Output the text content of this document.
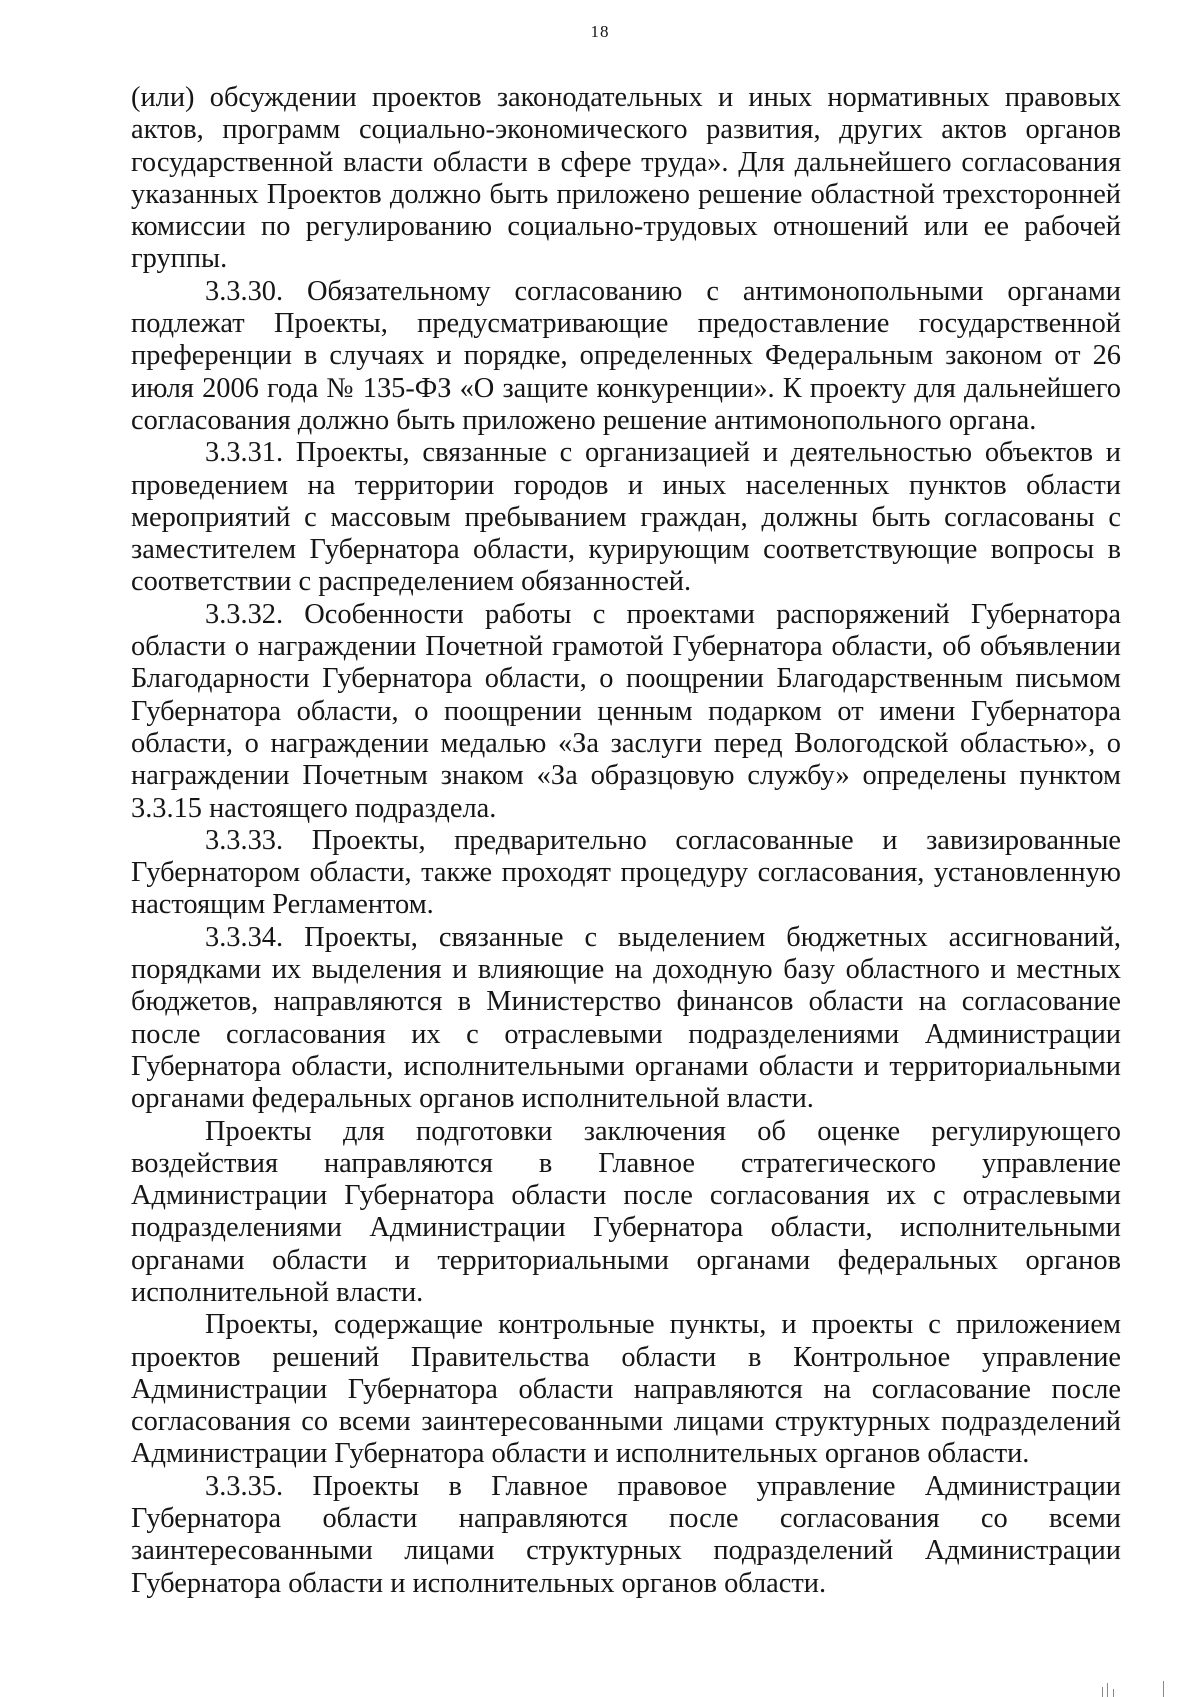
18

(или) обсуждении проектов законодательных и иных нормативных правовых актов, программ социально-экономического развития, других актов органов государственной власти области в сфере труда». Для дальнейшего согласования указанных Проектов должно быть приложено решение областной трехсторонней комиссии по регулированию социально-трудовых отношений или ее рабочей группы.

3.3.30. Обязательному согласованию с антимонопольными органами подлежат Проекты, предусматривающие предоставление государственной преференции в случаях и порядке, определенных Федеральным законом от 26 июля 2006 года № 135-ФЗ «О защите конкуренции». К проекту для дальнейшего согласования должно быть приложено решение антимонопольного органа.

3.3.31. Проекты, связанные с организацией и деятельностью объектов и проведением на территории городов и иных населенных пунктов области мероприятий с массовым пребыванием граждан, должны быть согласованы с заместителем Губернатора области, курирующим соответствующие вопросы в соответствии с распределением обязанностей.

3.3.32. Особенности работы с проектами распоряжений Губернатора области о награждении Почетной грамотой Губернатора области, об объявлении Благодарности Губернатора области, о поощрении Благодарственным письмом Губернатора области, о поощрении ценным подарком от имени Губернатора области, о награждении медалью «За заслуги перед Вологодской областью», о награждении Почетным знаком «За образцовую службу» определены пунктом 3.3.15 настоящего подраздела.

3.3.33. Проекты, предварительно согласованные и завизированные Губернатором области, также проходят процедуру согласования, установленную настоящим Регламентом.

3.3.34. Проекты, связанные с выделением бюджетных ассигнований, порядками их выделения и влияющие на доходную базу областного и местных бюджетов, направляются в Министерство финансов области на согласование после согласования их с отраслевыми подразделениями Администрации Губернатора области, исполнительными органами области и территориальными органами федеральных органов исполнительной власти.

Проекты для подготовки заключения об оценке регулирующего воздействия направляются в Главное стратегического управление Администрации Губернатора области после согласования их с отраслевыми подразделениями Администрации Губернатора области, исполнительными органами области и территориальными органами федеральных органов исполнительной власти.

Проекты, содержащие контрольные пункты, и проекты с приложением проектов решений Правительства области в Контрольное управление Администрации Губернатора области направляются на согласование после согласования со всеми заинтересованными лицами структурных подразделений Администрации Губернатора области и исполнительных органов области.

3.3.35. Проекты в Главное правовое управление Администрации Губернатора области направляются после согласования со всеми заинтересованными лицами структурных подразделений Администрации Губернатора области и исполнительных органов области.
